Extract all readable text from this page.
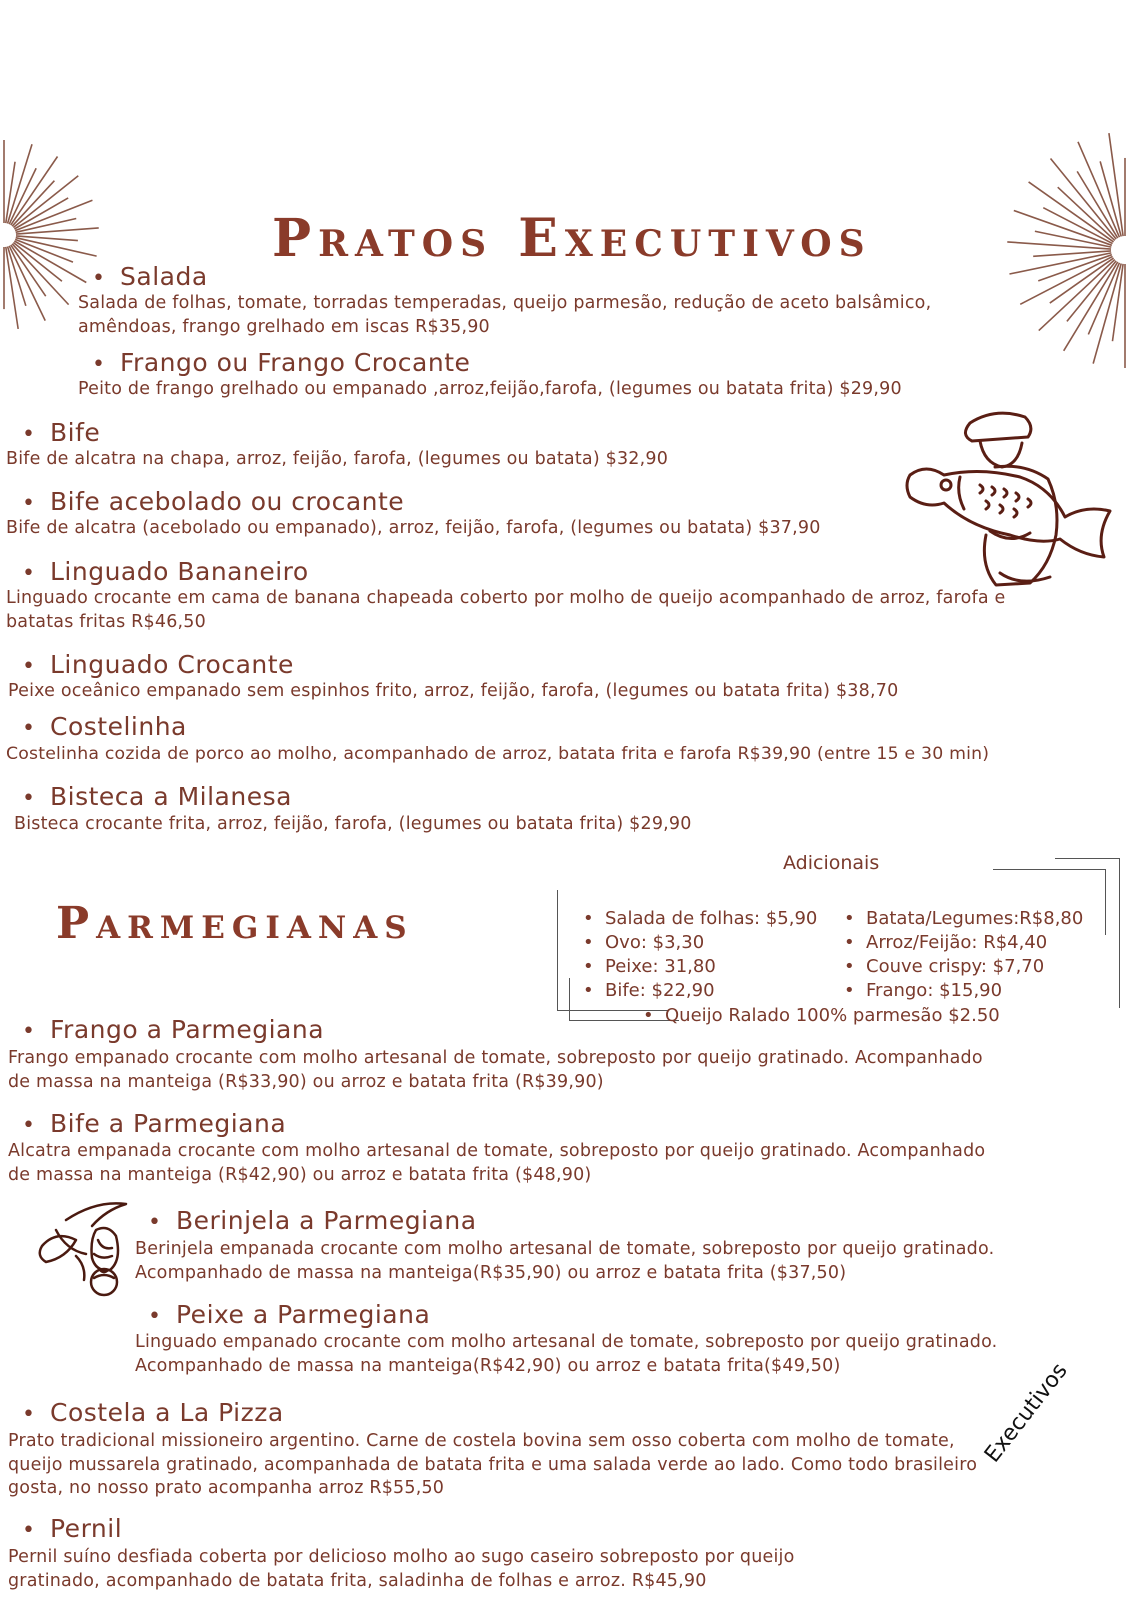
Pratos Executivos
• Salada
Salada de folhas, tomate, torradas temperadas, queijo parmesão, redução de aceto balsâmico, amêndoas, frango grelhado em iscas R$35,90
• Frango ou Frango Crocante
Peito de frango grelhado ou empanado ,arroz,feijão,farofa, (legumes ou batata frita) $29,90
• Bife
Bife de alcatra na chapa, arroz, feijão, farofa, (legumes ou batata) $32,90
• Bife acebolado ou crocante
Bife de alcatra (acebolado ou empanado), arroz, feijão, farofa, (legumes ou batata) $37,90
• Linguado Bananeiro
Linguado crocante em cama de banana chapeada coberto por molho de queijo acompanhado de arroz, farofa e batatas fritas R$46,50
• Linguado Crocante
Peixe oceânico empanado sem espinhos frito, arroz, feijão, farofa, (legumes ou batata frita) $38,70
• Costelinha
Costelinha cozida de porco ao molho, acompanhado de arroz, batata frita e farofa R$39,90 (entre 15 e 30 min)
• Bisteca a Milanesa
Bisteca crocante frita, arroz, feijão, farofa, (legumes ou batata frita) $29,90
Parmegianas
Adicionais
• Salada de folhas: $5,90
• Ovo: $3,30
• Peixe: 31,80
• Bife: $22,90
• Batata/Legumes:R$8,80
• Arroz/Feijão: R$4,40
• Couve crispy: $7,70
• Frango: $15,90
• Queijo Ralado 100% parmesão $2.50
• Frango a Parmegiana
Frango empanado crocante com molho artesanal de tomate, sobreposto por queijo gratinado. Acompanhado de massa na manteiga (R$33,90) ou arroz e batata frita (R$39,90)
• Bife a Parmegiana
Alcatra empanada crocante com molho artesanal de tomate, sobreposto por queijo gratinado. Acompanhado de massa na manteiga (R$42,90) ou arroz e batata frita ($48,90)
• Berinjela a Parmegiana
Berinjela empanada crocante com molho artesanal de tomate, sobreposto por queijo gratinado. Acompanhado de massa na manteiga(R$35,90) ou arroz e batata frita ($37,50)
• Peixe a Parmegiana
Linguado empanado crocante com molho artesanal de tomate, sobreposto por queijo gratinado. Acompanhado de massa na manteiga(R$42,90) ou arroz e batata frita($49,50)
• Costela a La Pizza
Prato tradicional missioneiro argentino. Carne de costela bovina sem osso coberta com molho de tomate, queijo mussarela gratinado, acompanhada de batata frita e uma salada verde ao lado. Como todo brasileiro gosta, no nosso prato acompanha arroz R$55,50
• Pernil
Pernil suíno desfiada coberta por delicioso molho ao sugo caseiro sobreposto por queijo gratinado, acompanhado de batata frita, saladinha de folhas e arroz. R$45,90
Executivos
